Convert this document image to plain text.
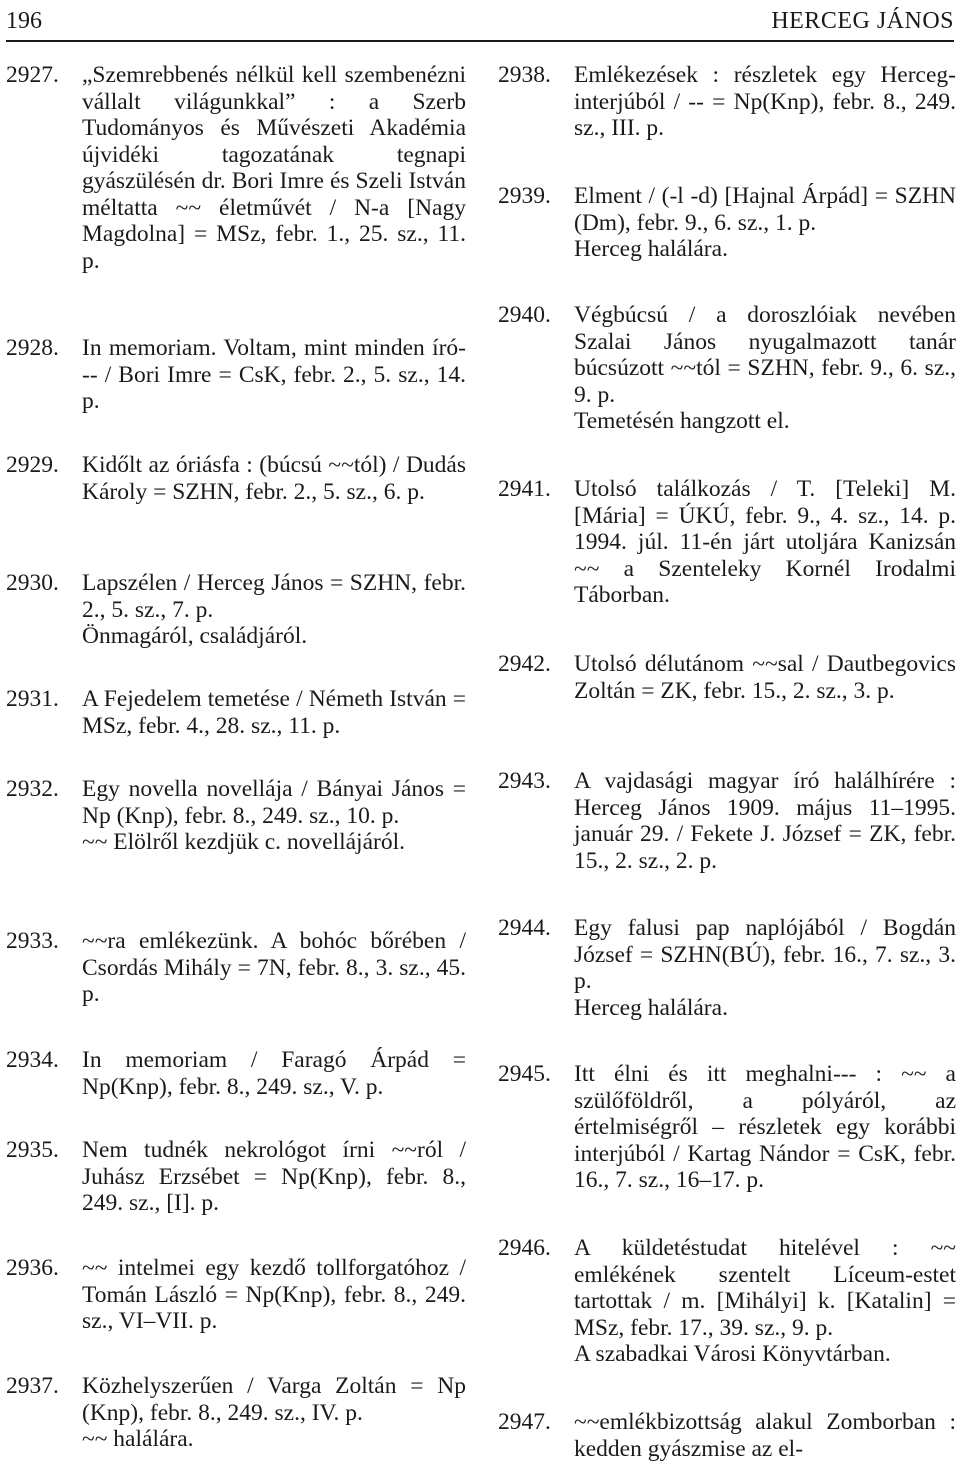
196	HERCEG JÁNOS
2927. „Szemrebbenés nélkül kell szembenézni vállalt világunkkal” : a Szerb Tudományos és Művészeti Akadémia újvidéki tagozatának tegnapi gyászülésén dr. Bori Imre és Szeli István méltatta ~~ életművét / N-a [Nagy Magdolna] = MSz, febr. 1., 25. sz., 11. p.
2928. In memoriam. Voltam, mint minden író--- / Bori Imre = CsK, febr. 2., 5. sz., 14. p.
2929. Kidőlt az óriásfa : (búcsú ~~tól) / Dudás Károly = SZHN, febr. 2., 5. sz., 6. p.
2930. Lapszélen / Herceg János = SZHN, febr. 2., 5. sz., 7. p.
Önmagáról, családjáról.
2931. A Fejedelem temetése / Németh István = MSz, febr. 4., 28. sz., 11. p.
2932. Egy novella novellája / Bányai János = Np (Knp), febr. 8., 249. sz., 10. p.
~~ Elölről kezdjük c. novellájáról.
2933. ~~ra emlékezünk. A bohóc bőrében / Csordás Mihály = 7N, febr. 8., 3. sz., 45. p.
2934. In memoriam / Faragó Árpád = Np(Knp), febr. 8., 249. sz., V. p.
2935. Nem tudnék nekrológot írni ~~ról / Juhász Erzsébet = Np(Knp), febr. 8., 249. sz., [I]. p.
2936. ~~ intelmei egy kezdő tollforgatóhoz / Tomán László = Np(Knp), febr. 8., 249. sz., VI–VII. p.
2937. Közhelyszerűen / Varga Zoltán = Np (Knp), febr. 8., 249. sz., IV. p.
~~ halálára.
2938. Emlékezések : részletek egy Herceg-interjúból / -- = Np(Knp), febr. 8., 249. sz., III. p.
2939. Elment / (-l -d) [Hajnal Árpád] = SZHN (Dm), febr. 9., 6. sz., 1. p.
Herceg halálára.
2940. Végbúcsú / a doroszlóiak nevében Szalai János nyugalmazott tanár búcsúzott ~~tól = SZHN, febr. 9., 6. sz., 9. p.
Temetésén hangzott el.
2941. Utolsó találkozás / T. [Teleki] M. [Mária] = ÚKÚ, febr. 9., 4. sz., 14. p. 1994. júl. 11-én járt utoljára Kanizsán ~~ a Szenteleky Kornél Irodalmi Táborban.
2942. Utolsó délutánom ~~sal / Dautbegovics Zoltán = ZK, febr. 15., 2. sz., 3. p.
2943. A vajdasági magyar író halálhírére : Herceg János 1909. május 11–1995. január 29. / Fekete J. József = ZK, febr. 15., 2. sz., 2. p.
2944. Egy falusi pap naplójából / Bogdán József = SZHN(BÚ), febr. 16., 7. sz., 3. p.
Herceg halálára.
2945. Itt élni és itt meghalni--- : ~~ a szülőföldről, a pólyáról, az értelmiségről – részletek egy korábbi interjúból / Kartag Nándor = CsK, febr. 16., 7. sz., 16–17. p.
2946. A küldetéstudat hitelével : ~~ emlékének szentelt Líceum-estet tartottak / m. [Mihályi] k. [Katalin] = MSz, febr. 17., 39. sz., 9. p.
A szabadkai Városi Könyvtárban.
2947. ~~emlékbizottság alakul Zomborban : kedden gyászmise az el-
